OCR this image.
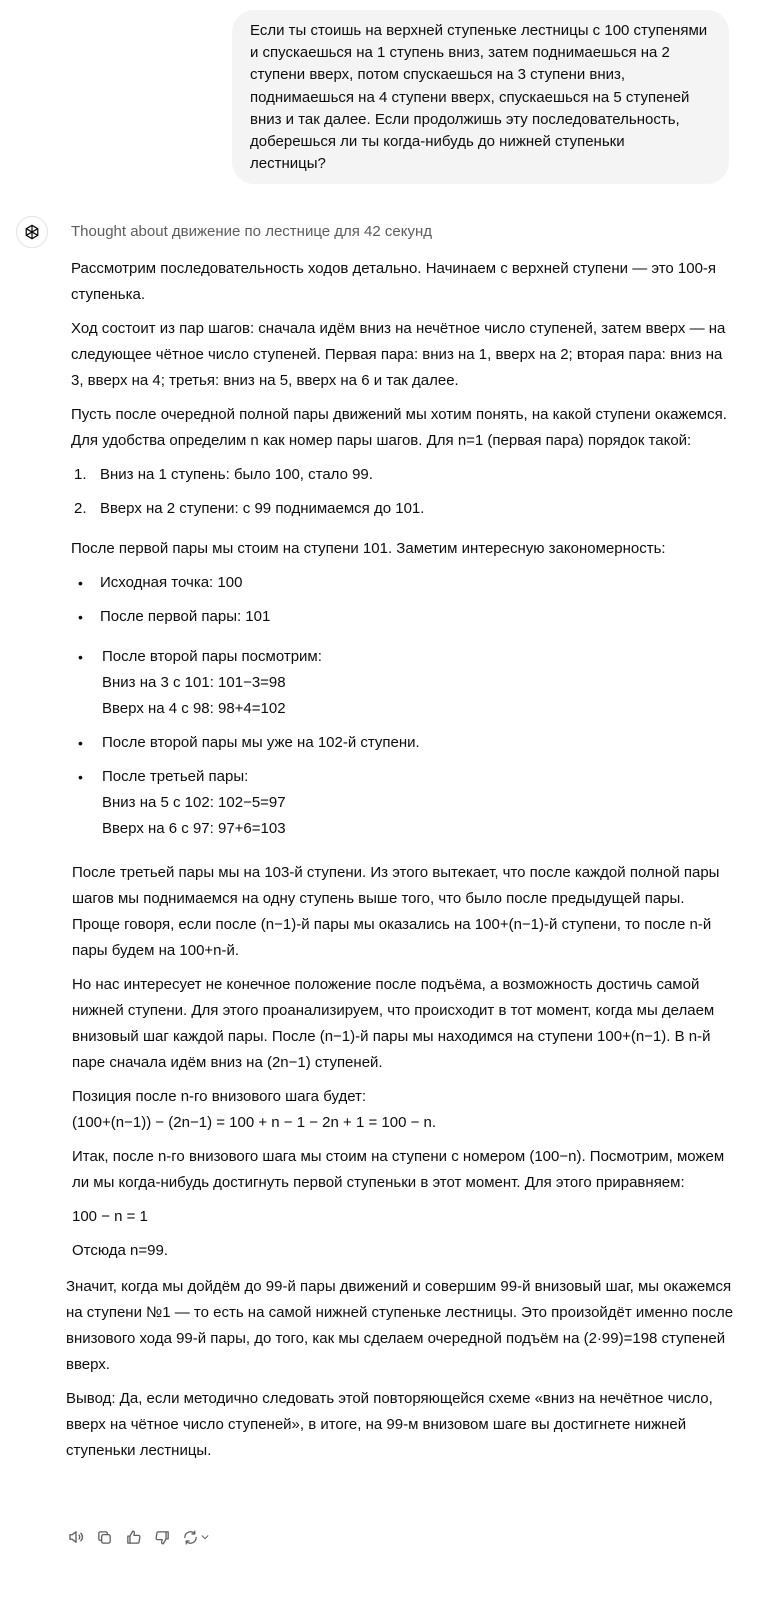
Если ты стоишь на верхней ступеньке лестницы с 100 ступенями

и спускаешься на 1 ступень вниз, затем поднимаешься на 2

ступени вверх, потом спускаешься на 3 ступени вниз,

поднимаешься на 4 ступени вверх, спускаешься на 5 ступеней

вниз и так далее. Если продолжишь эту последовательность,

доберешься ли ты когда-нибудь до нижней ступеньки

лестницы?

Thought about движение по лестнице для 42 секунд

Рассмотрим последовательность ходов детально. Начинаем с верхней ступени — это 100-я ступенька.

Ход состоит из пар шагов: сначала идём вниз на нечётное число ступеней, затем вверх — на следующее чётное число ступеней. Первая пара: вниз на 1, вверх на 2; вторая пара: вниз на 3, вверх на 4; третья: вниз на 5, вверх на 6 и так далее.

Пусть после очередной полной пары движений мы хотим понять, на какой ступени окажемся. Для удобства определим n как номер пары шагов. Для n=1 (первая пара) порядок такой:

1. Вниз на 1 ступень: было 100, стало 99.
2. Вверх на 2 ступени: с 99 поднимаемся до 101.

После первой пары мы стоим на ступени 101. Заметим интересную закономерность:

• Исходная точка: 100
• После первой пары: 101
• После второй пары посмотрим:
Вниз на 3 с 101: 101−3=98
Вверх на 4 с 98: 98+4=102
• После второй пары мы уже на 102-й ступени.
• После третьей пары:
Вниз на 5 с 102: 102−5=97
Вверх на 6 с 97: 97+6=103

После третьей пары мы на 103-й ступени. Из этого вытекает, что после каждой полной пары шагов мы поднимаемся на одну ступень выше того, что было после предыдущей пары. Проще говоря, если после (n−1)-й пары мы оказались на 100+(n−1)-й ступени, то после n-й пары будем на 100+n-й.

Но нас интересует не конечное положение после подъёма, а возможность достичь самой нижней ступени. Для этого проанализируем, что происходит в тот момент, когда мы делаем внизовый шаг каждой пары. После (n−1)-й пары мы находимся на ступени 100+(n−1). В n-й паре сначала идём вниз на (2n−1) ступеней.

Позиция после n-го внизового шага будет:
(100+(n−1)) − (2n−1) = 100 + n − 1 − 2n + 1 = 100 − n.

Итак, после n-го внизового шага мы стоим на ступени с номером (100−n). Посмотрим, можем ли мы когда-нибудь достигнуть первой ступеньки в этот момент. Для этого приравняем:

100 − n = 1

Отсюда n=99.

Значит, когда мы дойдём до 99-й пары движений и совершим 99-й внизовый шаг, мы окажемся на ступени №1 — то есть на самой нижней ступеньке лестницы. Это произойдёт именно после внизового хода 99-й пары, до того, как мы сделаем очередной подъём на (2·99)=198 ступеней вверх.

Вывод: Да, если методично следовать этой повторяющейся схеме «вниз на нечётное число, вверх на чётное число ступеней», в итоге, на 99-м внизовом шаге вы достигнете нижней ступеньки лестницы.
